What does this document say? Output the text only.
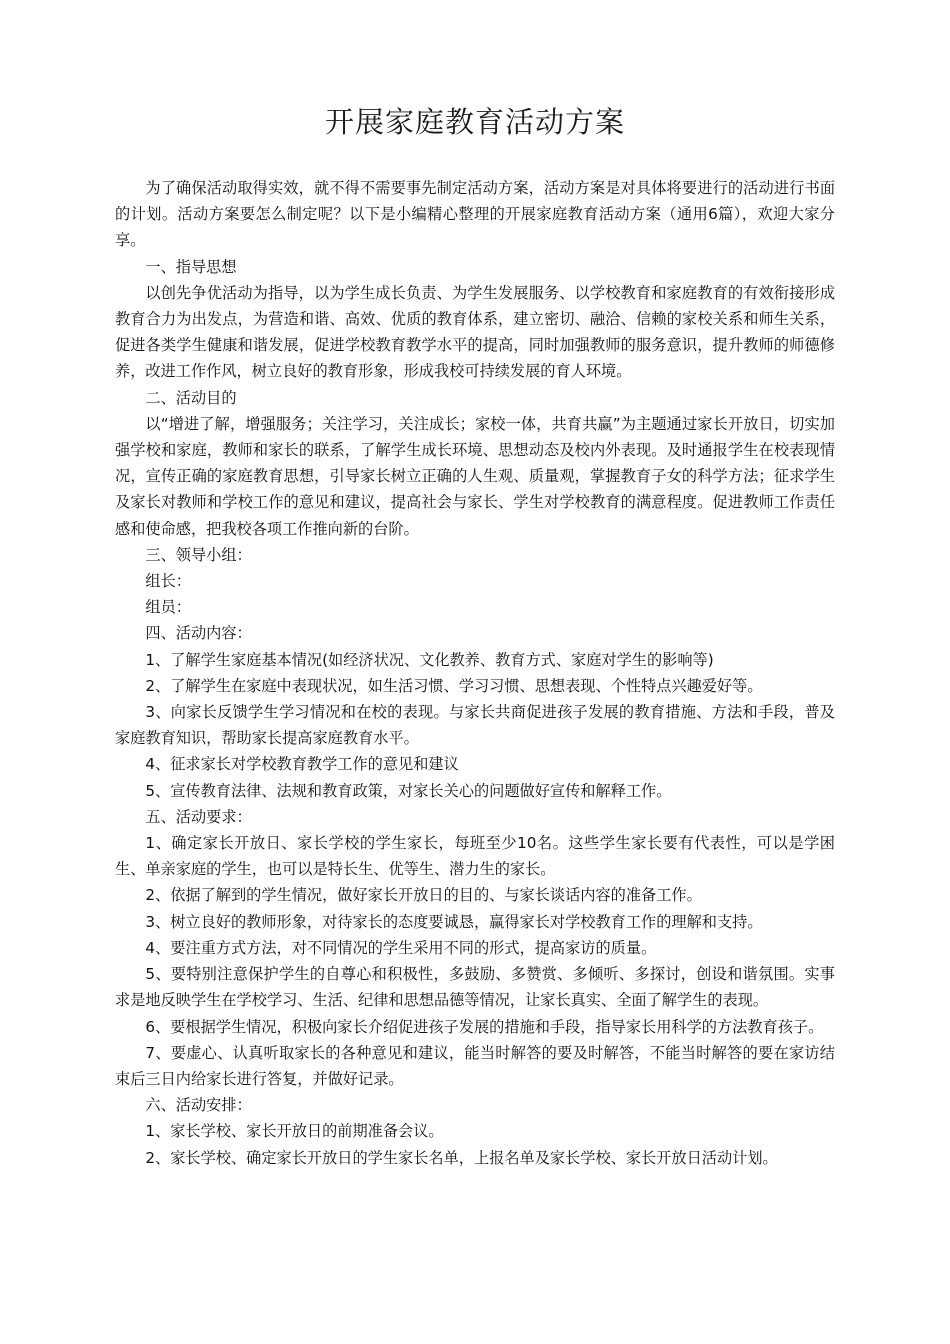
开展家庭教育活动方案

为了确保活动取得实效，就不得不需要事先制定活动方案，活动方案是对具体将要进行的活动进行书面的计划。活动方案要怎么制定呢？以下是小编精心整理的开展家庭教育活动方案（通用6篇），欢迎大家分享。

一、指导思想

以创先争优活动为指导，以为学生成长负责、为学生发展服务、以学校教育和家庭教育的有效衔接形成教育合力为出发点，为营造和谐、高效、优质的教育体系，建立密切、融洽、信赖的家校关系和师生关系，促进各类学生健康和谐发展，促进学校教育教学水平的提高，同时加强教师的服务意识，提升教师的师德修养，改进工作作风，树立良好的教育形象，形成我校可持续发展的育人环境。

二、活动目的

以“增进了解，增强服务；关注学习，关注成长；家校一体，共育共赢”为主题通过家长开放日，切实加强学校和家庭，教师和家长的联系，了解学生成长环境、思想动态及校内外表现。及时通报学生在校表现情况，宣传正确的家庭教育思想，引导家长树立正确的人生观、质量观，掌握教育子女的科学方法；征求学生及家长对教师和学校工作的意见和建议，提高社会与家长、学生对学校教育的满意程度。促进教师工作责任感和使命感，把我校各项工作推向新的台阶。

三、领导小组：

组长：

组员：

四、活动内容：

1、了解学生家庭基本情况(如经济状况、文化教养、教育方式、家庭对学生的影响等)

2、了解学生在家庭中表现状况，如生活习惯、学习习惯、思想表现、个性特点兴趣爱好等。

3、向家长反馈学生学习情况和在校的表现。与家长共商促进孩子发展的教育措施、方法和手段，普及家庭教育知识，帮助家长提高家庭教育水平。

4、征求家长对学校教育教学工作的意见和建议

5、宣传教育法律、法规和教育政策，对家长关心的问题做好宣传和解释工作。

五、活动要求：

1、确定家长开放日、家长学校的学生家长，每班至少10名。这些学生家长要有代表性，可以是学困生、单亲家庭的学生，也可以是特长生、优等生、潜力生的家长。

2、依据了解到的学生情况，做好家长开放日的目的、与家长谈话内容的准备工作。

3、树立良好的教师形象，对待家长的态度要诚恳，赢得家长对学校教育工作的理解和支持。

4、要注重方式方法，对不同情况的学生采用不同的形式，提高家访的质量。

5、要特别注意保护学生的自尊心和积极性，多鼓励、多赞赏、多倾听、多探讨，创设和谐氛围。实事求是地反映学生在学校学习、生活、纪律和思想品德等情况，让家长真实、全面了解学生的表现。

6、要根据学生情况，积极向家长介绍促进孩子发展的措施和手段，指导家长用科学的方法教育孩子。

7、要虚心、认真听取家长的各种意见和建议，能当时解答的要及时解答，不能当时解答的要在家访结束后三日内给家长进行答复，并做好记录。

六、活动安排：

1、家长学校、家长开放日的前期准备会议。

2、家长学校、确定家长开放日的学生家长名单，上报名单及家长学校、家长开放日活动计划。
